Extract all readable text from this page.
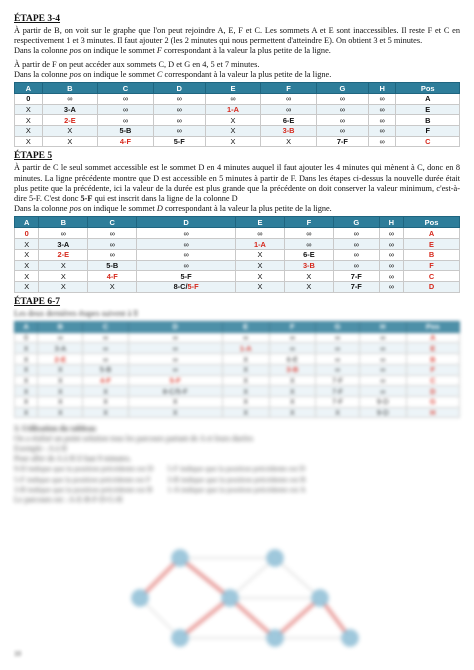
ÉTAPE 3-4

À partir de B, on voit sur le graphe que l'on peut rejoindre A, E, F et C. Les sommets A et E sont inaccessibles. Il reste F et C en respectivement 1 et 3 minutes. Il faut ajouter 2 (les 2 minutes qui nous permettent d'atteindre E). On obtient 3 et 5 minutes.
Dans la colonne pos on indique le sommet F correspondant à la valeur la plus petite de la ligne.

À partir de F on peut accéder aux sommets C, D et G en 4, 5 et 7 minutes.
Dans la colonne pos on indique le sommet C correspondant à la valeur la plus petite de la ligne.

A	B	C	D	E	F	G	H	Pos
0	∞	∞	∞	∞	∞	∞	∞	A
X	3-A	∞	∞	1-A	∞	∞	∞	E
X	2-E	∞	∞	X	6-E	∞	∞	B
X	X	5-B	∞	X	3-B	∞	∞	F
X	X	4-F	5-F	X	X	7-F	∞	C
ÉTAPE 5

À partir de C le seul sommet accessible est le sommet D en 4 minutes auquel il faut ajouter les 4 minutes qui mènent à C, donc en 8 minutes. La ligne précédente montre que D est accessible en 5 minutes à partir de F. Dans les étapes ci-dessus la nouvelle durée était plus petite que la précédente, ici la valeur de la durée est plus grande que la précédente on doit conserver la valeur minimum, c'est-à-dire 5-F. C'est donc 5-F qui est inscrit dans la ligne de la colonne D
Dans la colonne pos on indique le sommet D correspondant à la valeur la plus petite de la ligne.

A	B	C	D	E	F	G	H	Pos
0	∞	∞	∞	∞	∞	∞	∞	A
X	3-A	∞	∞	1-A	∞	∞	∞	E
X	2-E	∞	∞	X	6-E	∞	∞	B
X	X	5-B	∞	X	3-B	∞	∞	F
X	X	4-F	5-F	X	X	7-F	∞	C
X	X	X	8-C/5-F	X	X	7-F	∞	D
ÉTAPE 6-7

Les deux dernières étapes suivent à ll

A	B	C	D	E	F	G	H	Pos
0	∞	∞	∞	∞	∞	∞	∞	A
X	3-A	∞	∞	1-A	∞	∞	∞	E
X	2-E	∞	∞	X	6-E	∞	∞	B
X	X	5-B	∞	X	3-B	∞	∞	F
X	X	4-F	5-F	X	X	7-F	∞	C
X	X	X	8-C/5-F	X	X	7-F	∞	D
X	X	X	X	X	X	7-F	9-D	G
X	X	X	X	X	X	X	9-D	H

3. Utilisation du tableau

On a réalisé un point solution tous les parcours partant de A et leurs durées

Exemple : A à H

Pour aller de A à H il faut 9 minutes.

9-D indique que la position précédente est D

5-F indique que la position précédente est F

3-B indique que la position précédente est B

5-F indique que la position précédente est D

3-B indique que la position précédente est B

1-A indique que la position précédente est A

Le parcours est : A-E-B-F-D-G-H

10
